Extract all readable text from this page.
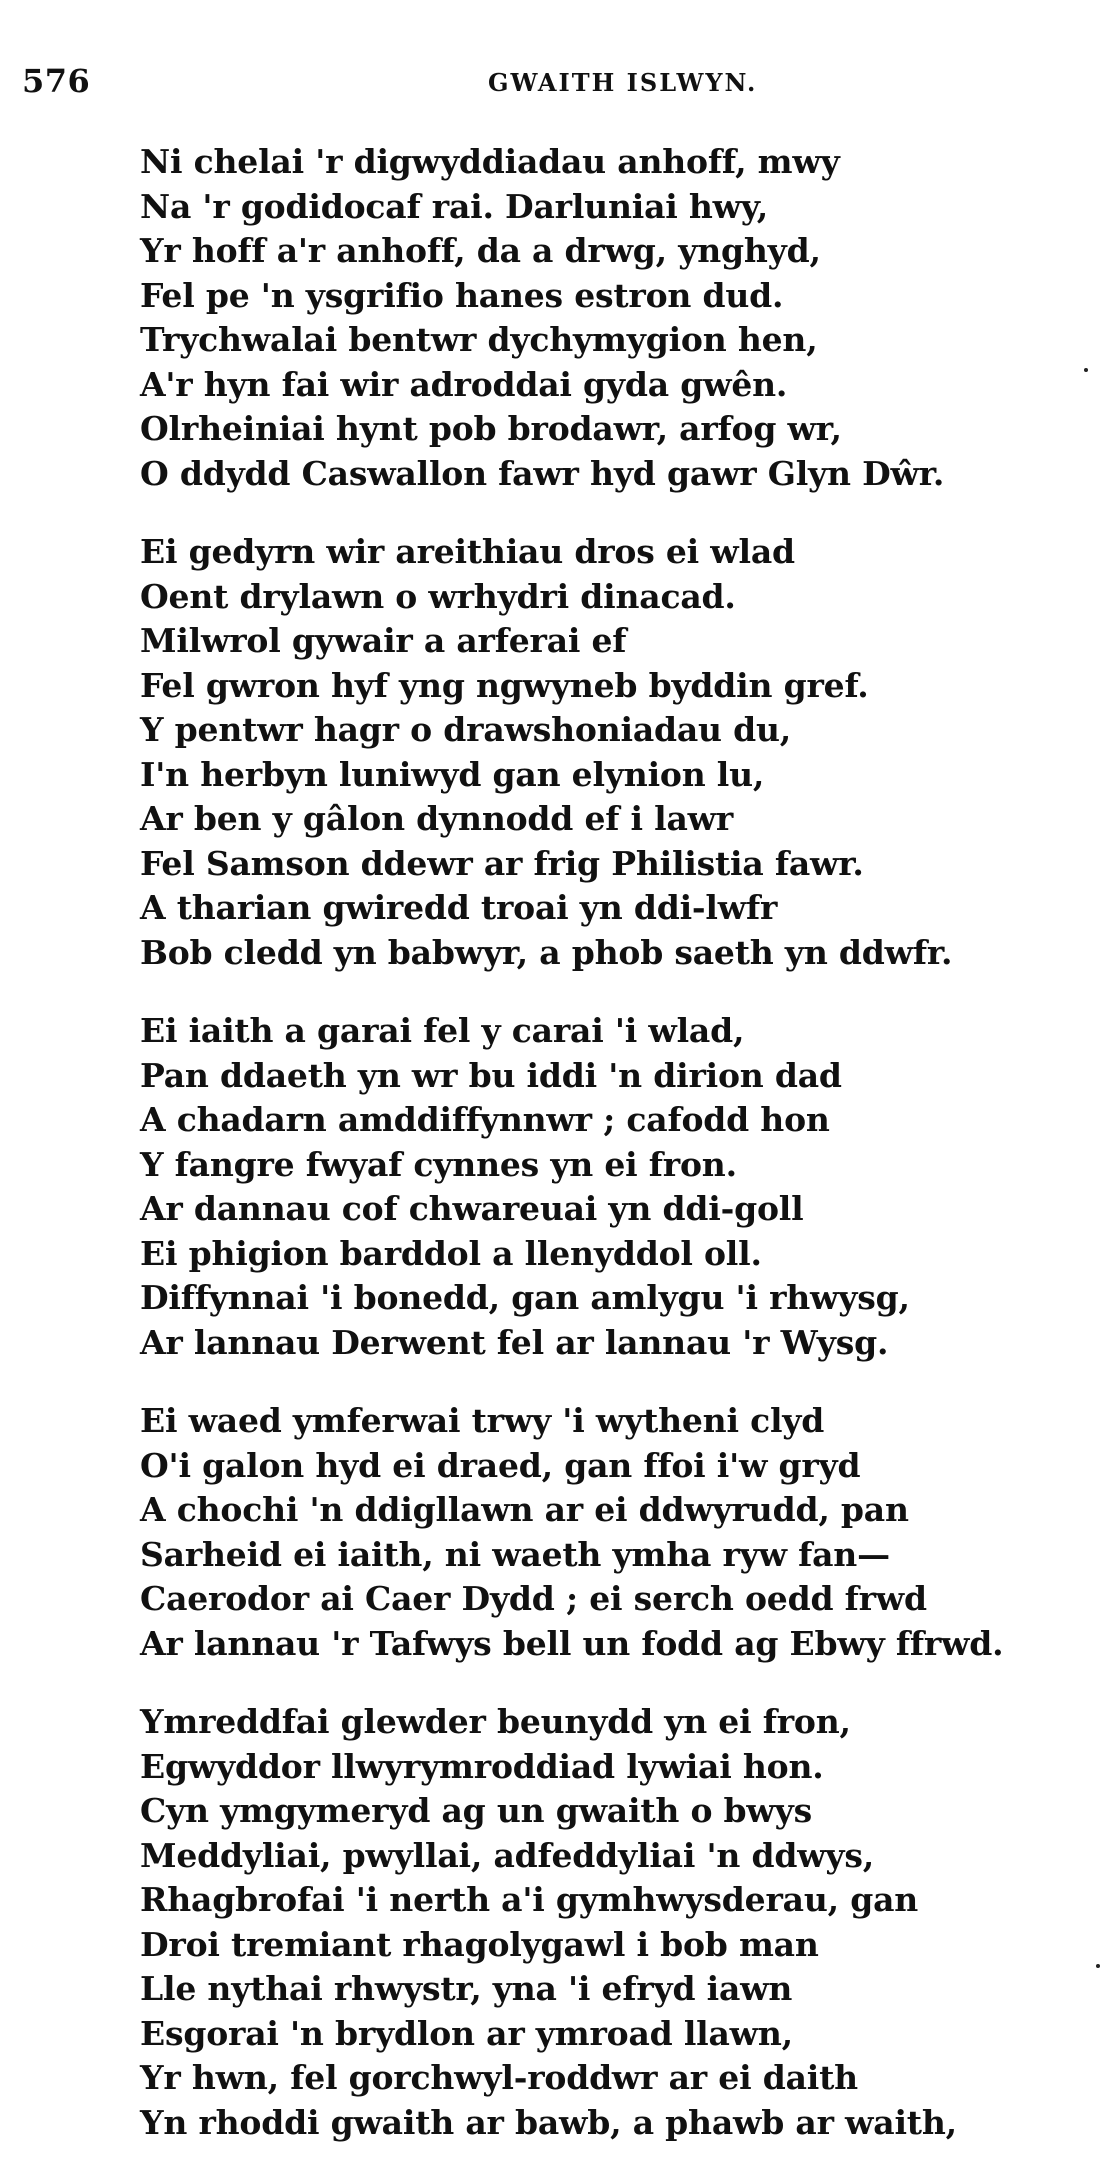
576	GWAITH ISLWYN.
Ni chelai 'r digwyddiadau anhoff, mwy
Na 'r godidocaf rai. Darluniai hwy,
Yr hoff a'r anhoff, da a drwg, ynghyd,
Fel pe 'n ysgrifio hanes estron dud.
Trychwalai bentwr dychymygion hen,
A'r hyn fai wir adroddai gyda gwên.
Olrheiniai hynt pob brodawr, arfog wr,
O ddydd Caswallon fawr hyd gawr Glyn Dŵr.
Ei gedyrn wir areithiau dros ei wlad
Oent drylawn o wrhydri dinacad.
Milwrol gywair a arferai ef
Fel gwron hyf yng ngwyneb byddin gref.
Y pentwr hagr o drawshoniadau du,
I'n herbyn luniwyd gan elynion lu,
Ar ben y gâlon dynnodd ef i lawr
Fel Samson ddewr ar frig Philistia fawr.
A tharian gwiredd troai yn ddi-lwfr
Bob cledd yn babwyr, a phob saeth yn ddwfr.
Ei iaith a garai fel y carai 'i wlad,
Pan ddaeth yn wr bu iddi 'n dirion dad
A chadarn amddiffynnwr ; cafodd hon
Y fangre fwyaf cynnes yn ei fron.
Ar dannau cof chwareuai yn ddi-goll
Ei phigion barddol a llenyddol oll.
Diffynnai 'i bonedd, gan amlygu 'i rhwysg,
Ar lannau Derwent fel ar lannau 'r Wysg.
Ei waed ymferwai trwy 'i wytheni clyd
O'i galon hyd ei draed, gan ffoi i'w gryd
A chochi 'n ddigllawn ar ei ddwyrudd, pan
Sarheid ei iaith, ni waeth ymha ryw fan—
Caerodor ai Caer Dydd ; ei serch oedd frwd
Ar lannau 'r Tafwys bell un fodd ag Ebwy ffrwd.
Ymreddfai glewder beunydd yn ei fron,
Egwyddor llwyrymroddiad lywiai hon.
Cyn ymgymeryd ag un gwaith o bwys
Meddyliai, pwyllai, adfeddyliai 'n ddwys,
Rhagbrofai 'i nerth a'i gymhwysderau, gan
Droi tremiant rhagolygawl i bob man
Lle nythai rhwystr, yna 'i efryd iawn
Esgorai 'n brydlon ar ymroad llawn,
Yr hwn, fel gorchwyl-roddwr ar ei daith
Yn rhoddi gwaith ar bawb, a phawb ar waith,
